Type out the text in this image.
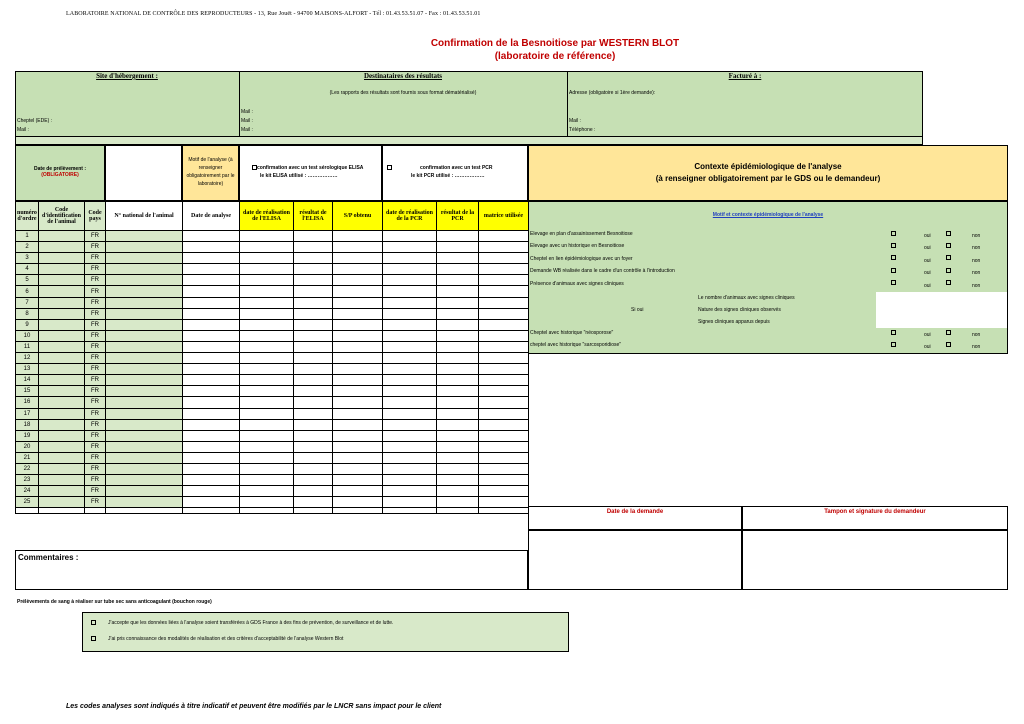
LABORATOIRE NATIONAL DE CONTRÔLE DES REPRODUCTEURS - 13, Rue Jouët - 94700 MAISONS-ALFORT - Tél : 01.43.53.51.07 - Fax : 01.43.53.51.01
Confirmation de la Besnoitiose par WESTERN BLOT
(laboratoire de référence)
Site d'hébergement :
Cheptel (EDE) :
Mail :
Destinataires des résultats
(Les rapports des résultats sont fournis sous format dématérialisé)
Mail :
Mail :
Mail :
Facturé à :
Adresse (obligatoire si 1ère demande):
Mail :
Téléphone :
Date de prélèvement :
(OBLIGATOIRE)
Motif de l'analyse (à renseigner obligatoirement par le laboratoire)
confirmation avec un test sérologique ELISA
le kit ELISA utilisé : ………………
confirmation avec un test PCR
le kit PCR utilisé : ………………
Contexte épidémiologique de l'analyse
(à renseigner obligatoirement par le GDS ou le demandeur)
numéro d'ordre	Code d'identification de l'animal	Code pays	N° national de l'animal	Date de analyse	date de réalisation de l'ELISA	résultat de l'ELISA	S/P obtenu	date de réalisation de la PCR	résultat de la PCR	matrice utilisée
1		FR								
2		FR								
3		FR								
4		FR								
5		FR								
6		FR								
7		FR								
8		FR								
9		FR								
10		FR								
11		FR								
12		FR								
13		FR								
14		FR								
15		FR								
16		FR								
17		FR								
18		FR								
19		FR								
20		FR								
21		FR								
22		FR								
23		FR								
24		FR								
25		FR								

Motif et contexte épidémiologique de l'analyse
Elevage en plan d'assainissement Besnoitiose	oui	non
Elevage avec un historique en Besnoitiose	oui	non
Cheptel en lien épidémiologique avec un foyer	oui	non
Demande WB réalisée dans le cadre d'un contrôle à l'introduction	oui	non
Présence d'animaux avec signes cliniques	oui	non
Cheptel avec historique "néosporose"	oui	non
cheptel avec historique "sarcosporidiose"	oui	non
Si oui
Le nombre d'animaux avec signes cliniques
Nature des signes cliniques observés
Signes cliniques apparus depuis
Date de la demande	Tampon et signature du demandeur
Commentaires :
Prélèvements de sang à réaliser sur tube sec sans anticoagulant (bouchon rouge)
J'accepte que les données liées à l'analyse soient transférées à GDS France à des fins de prévention, de surveillance et de lutte.
J'ai pris connaissance des modalités de réalisation et des critères d'acceptabilité de l'analyse Western Blot
Les codes analyses sont indiqués à titre indicatif et peuvent être modifiés par le LNCR sans impact pour le client
